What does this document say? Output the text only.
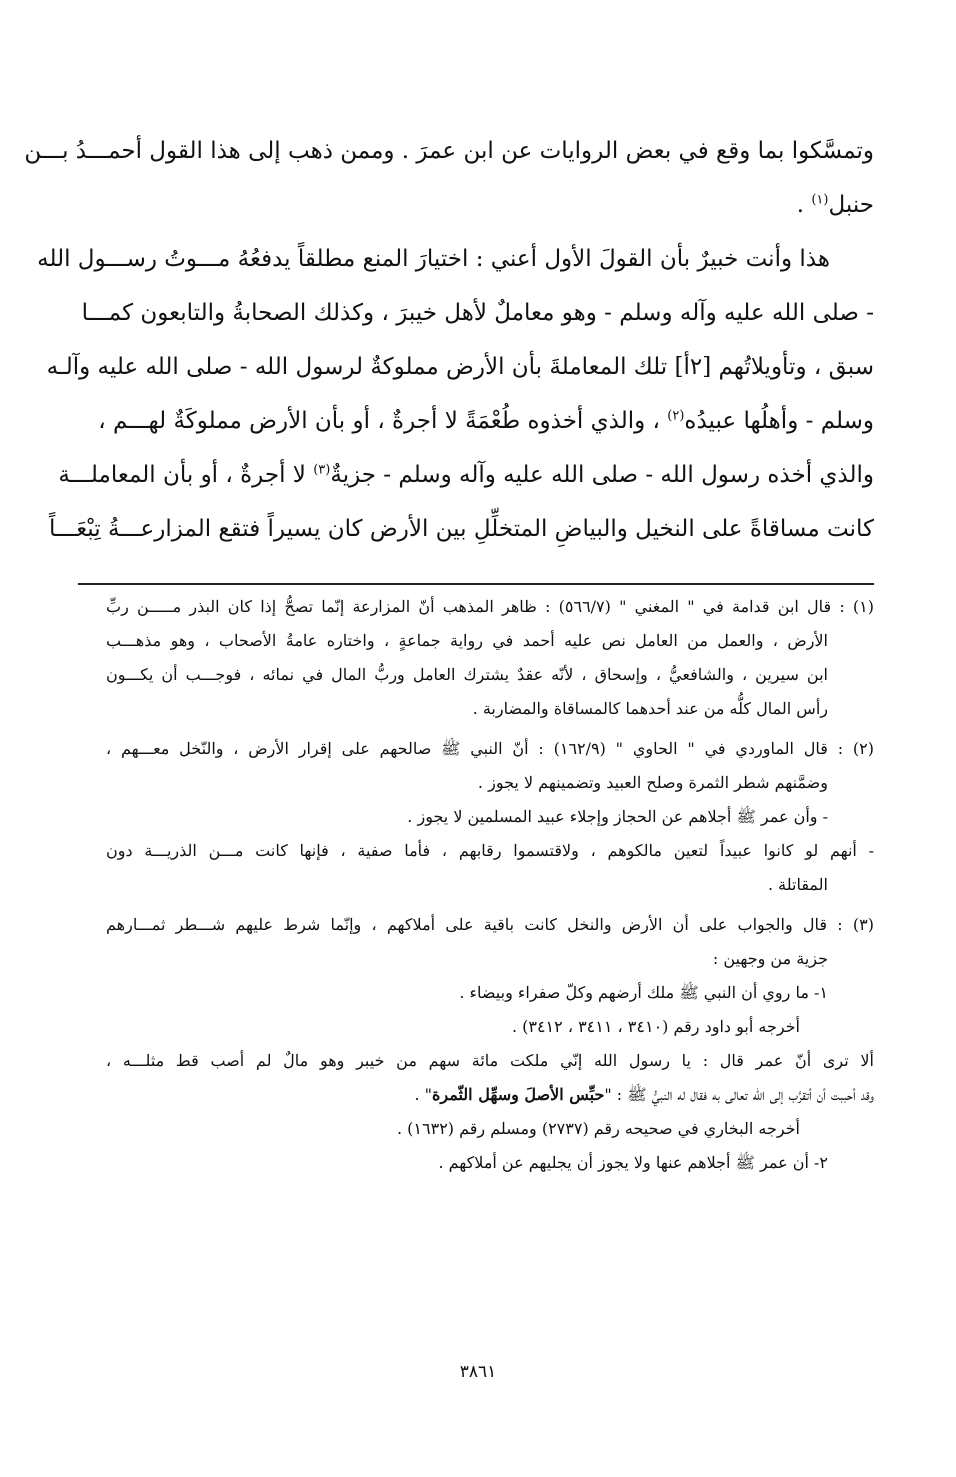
وتمسَّكوا بما وقع في بعض الروايات عن ابن عمرَ . وممن ذهب إلى هذا القول أحمـــدُ بـــن
حنبل$^{(١)}$ .
هذا وأنت خبيرٌ بأن القولَ الأول أعني : اختيارَ المنع مطلقاً يدفعُهُ مـــوتُ رســـول الله
- صلى الله عليه وآله وسلم - وهو معاملٌ لأهل خيبرَ ، وكذلك الصحابةُ والتابعون كمـــا
سبق ، وتأويلاتُهم [٢أ] تلك المعاملةَ بأن الأرض مملوكةٌ لرسول الله - صلى الله عليه وآلـه
وسلم - وأهلُها عبيدُه$^{(٢)}$ ، والذي أخذوه طُعْمَةً لا أجرةٌ ، أو بأن الأرض مملوكَةٌ لهـــم ،
والذي أخذه رسول الله - صلى الله عليه وآله وسلم - جزيةٌ$^{(٣)}$ لا أجرةٌ ، أو بأن المعاملـــة
كانت مساقاةً على النخيل والبياضِ المتخلِّلِ بين الأرض كان يسيراً فتقع المزارعـــةُ تِبْعَـــاً
(١) : قال ابن قدامة في " المغني " (٥٦٦/٧) : ظاهر المذهب أنّ المزارعة إنّما تصحُّ إذا كان البذر مـــــن ربِّ
الأرض ، والعمل من العامل نص عليه أحمد في رواية جماعةٍ ، واختاره عامةُ الأصحاب ، وهو مذهـــب
ابن سيرين ، والشافعيُّ ، وإسحاق ، لأنّه عقدٌ يشترك العامل وربُّ المال في نمائه ، فوجـــب أن يكـــون
رأس المال كلُّه من عند أحدهما كالمساقاة والمضاربة .
(٢) : قال الماوردي في " الحاوي " (١٦٢/٩) : أنّ النبي ﷺ صالحهم على إقرار الأرض ، والنّخل معـــهم ،
وضمَّنهم شطر الثمرة وصلح العبيد وتضمينهم لا يجوز .
- وأن عمر ﷺ أجلاهم عن الحجاز وإجلاء عبيد المسلمين لا يجوز .
- أنهم لو كانوا عبيداً لتعين مالكوهم ، ولاقتسموا رقابهم ، فأما صفية ، فإنها كانت مـــن الذريـــة دون
المقاتلة .
(٣) : قال والجواب على أن الأرض والنخل كانت باقية على أملاكهم ، وإنّما شرط عليهم شـــطر ثمـــارهم
جزية من وجهين :
١- ما روي أن النبي ﷺ ملك أرضهم وكلّ صفراء وبيضاء .
أخرجه أبو داود رقم (٣٤١٠ ، ٣٤١١ ، ٣٤١٢) .
ألا ترى أنّ عمر قال : يا رسول الله إنّي ملكت مائة سهم من خيبر وهو مالٌ لم أصب قط مثلـــه ،
وقد أحببت أن أتقرَّب إلى الله تعالى به فقال له النبيُّ ﷺ : "حبِّس الأصلَ وسهِّل الثّمرة" .
أخرجه البخاري في صحيحه رقم (٢٧٣٧) ومسلم رقم (١٦٣٢) .
٢- أن عمر ﷺ أجلاهم عنها ولا يجوز أن يجليهم عن أملاكهم .
٣٨٦١
